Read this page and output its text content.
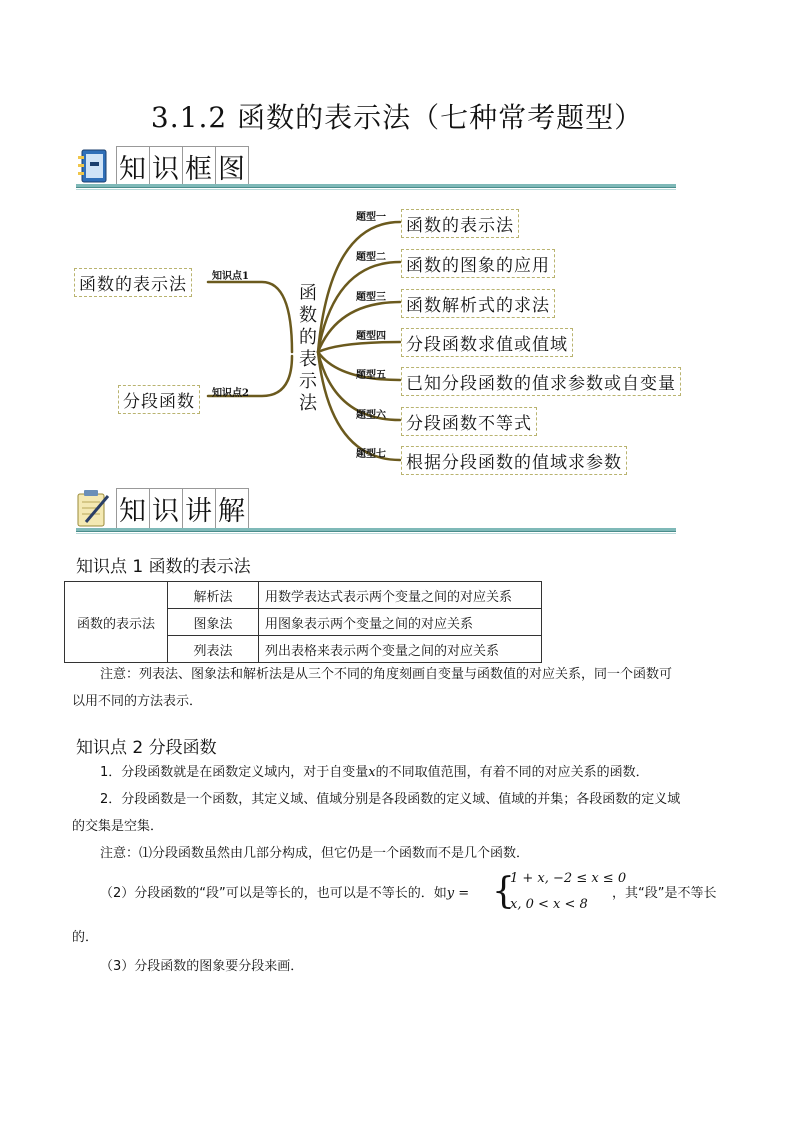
3.1.2 函数的表示法（七种常考题型）
知 识 框 图
知识点1
函数的表示法
知识点2
分段函数
函
数
的
表
示
法
题型一 函数的表示法
题型二 函数的图象的应用
题型三 函数解析式的求法
题型四 分段函数求值或值域
题型五 已知分段函数的值求参数或自变量
题型六 分段函数不等式
题型七 根据分段函数的值域求参数
知 识 讲 解
知识点 1 函数的表示法
函数的表示法	解析法	用数学表达式表示两个变量之间的对应关系
	图象法	用图象表示两个变量之间的对应关系
	列表法	列出表格来表示两个变量之间的对应关系
注意：列表法、图象法和解析法是从三个不同的角度刻画自变量与函数值的对应关系，同一个函数可
以用不同的方法表示．
知识点 2 分段函数
1．分段函数就是在函数定义域内，对于自变量x的不同取值范围，有着不同的对应关系的函数．
2．分段函数是一个函数，其定义域、值域分别是各段函数的定义域、值域的并集；各段函数的定义域
的交集是空集．
注意：⑴分段函数虽然由几部分构成，但它仍是一个函数而不是几个函数．
（2）分段函数的“段”可以是等长的，也可以是不等长的．如y = {
1 + x, −2 ≤ x ≤ 0
x, 0 < x < 8
，其“段”是不等长
的．
（3）分段函数的图象要分段来画．
